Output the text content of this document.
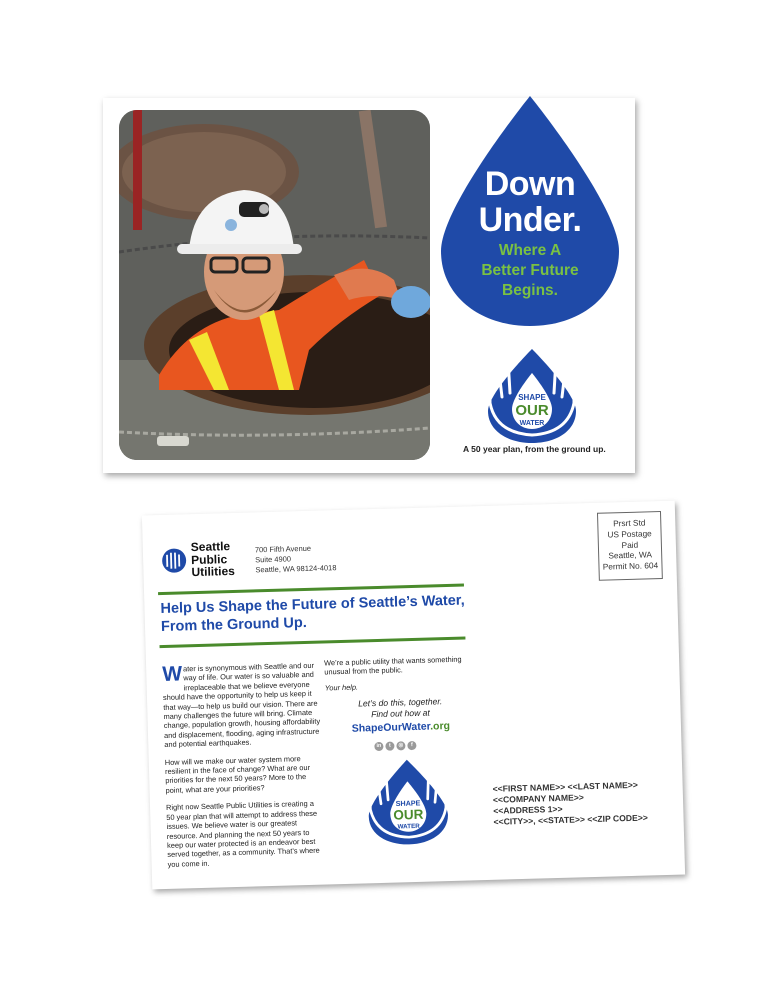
Down
Under.
Where A
Better Future
Begins.
SHAPE
OUR
WATER
A 50 year plan, from the ground up.
Seattle
Public
Utilities
700 Fifth Avenue
Suite 4900
Seattle, WA 98124-4018
Prsrt Std
US Postage
Paid
Seattle, WA
Permit No. 604
Help Us Shape the Future of Seattle’s Water,
From the Ground Up.

Water is synonymous with Seattle and our way of life. Our water is so valuable and irreplaceable that we believe everyone should have the opportunity to help us keep it that way—to help us build our vision. There are many challenges the future will bring. Climate change, population growth, housing affordability and displacement, flooding, aging infrastructure and potential earthquakes.

How will we make our water system more resilient in the face of change? What are our priorities for the next 50 years? More to the point, what are your priorities?

Right now Seattle Public Utilities is creating a 50 year plan that will attempt to address these issues. We believe water is our greatest resource. And planning the next 50 years to keep our water protected is an endeavor best served together, as a community. That’s where you come in.

We’re a public utility that wants something unusual from the public.

Your help.

Let’s do this, together.
Find out how at
ShapeOurWater.org
in t ◎ f
SHAPE
OUR
WATER
<<FIRST NAME>> <<LAST NAME>>
<<COMPANY NAME>>
<<ADDRESS 1>>
<<CITY>>, <<STATE>> <<ZIP CODE>>
